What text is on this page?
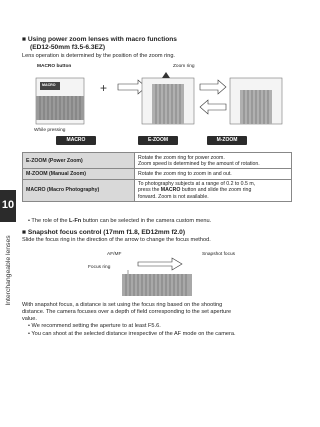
10
Interchangeable lenses
■ Using power zoom lenses with macro functions
(ED12-50mm f3.5-6.3EZ)
Lens operation is determined by the position of the zoom ring.
MACRO button	Zoom ring
+
MACRO
While pressing
MACRO	E-ZOOM	M-ZOOM
E-ZOOM (Power Zoom)	Rotate the zoom ring for power zoom.
Zoom speed is determined by the amount of rotation.
M-ZOOM (Manual Zoom)	Rotate the zoom ring to zoom in and out.
MACRO (Macro Photography)	To photography subjects at a range of 0.2 to 0.5 m,
press the MACRO button and slide the zoom ring
forward. Zoom is not available.
• The role of the L-Fn button can be selected in the camera custom menu.
■ Snapshot focus control (17mm f1.8, ED12mm f2.0)
Slide the focus ring in the direction of the arrow to change the focus method.
AF/MF	Snapshot focus
Focus ring
With snapshot focus, a distance is set using the focus ring based on the shooting
distance. The camera focuses over a depth of field corresponding to the set aperture
value.
• We recommend setting the aperture to at least F5.6.
• You can shoot at the selected distance irrespective of the AF mode on the camera.
